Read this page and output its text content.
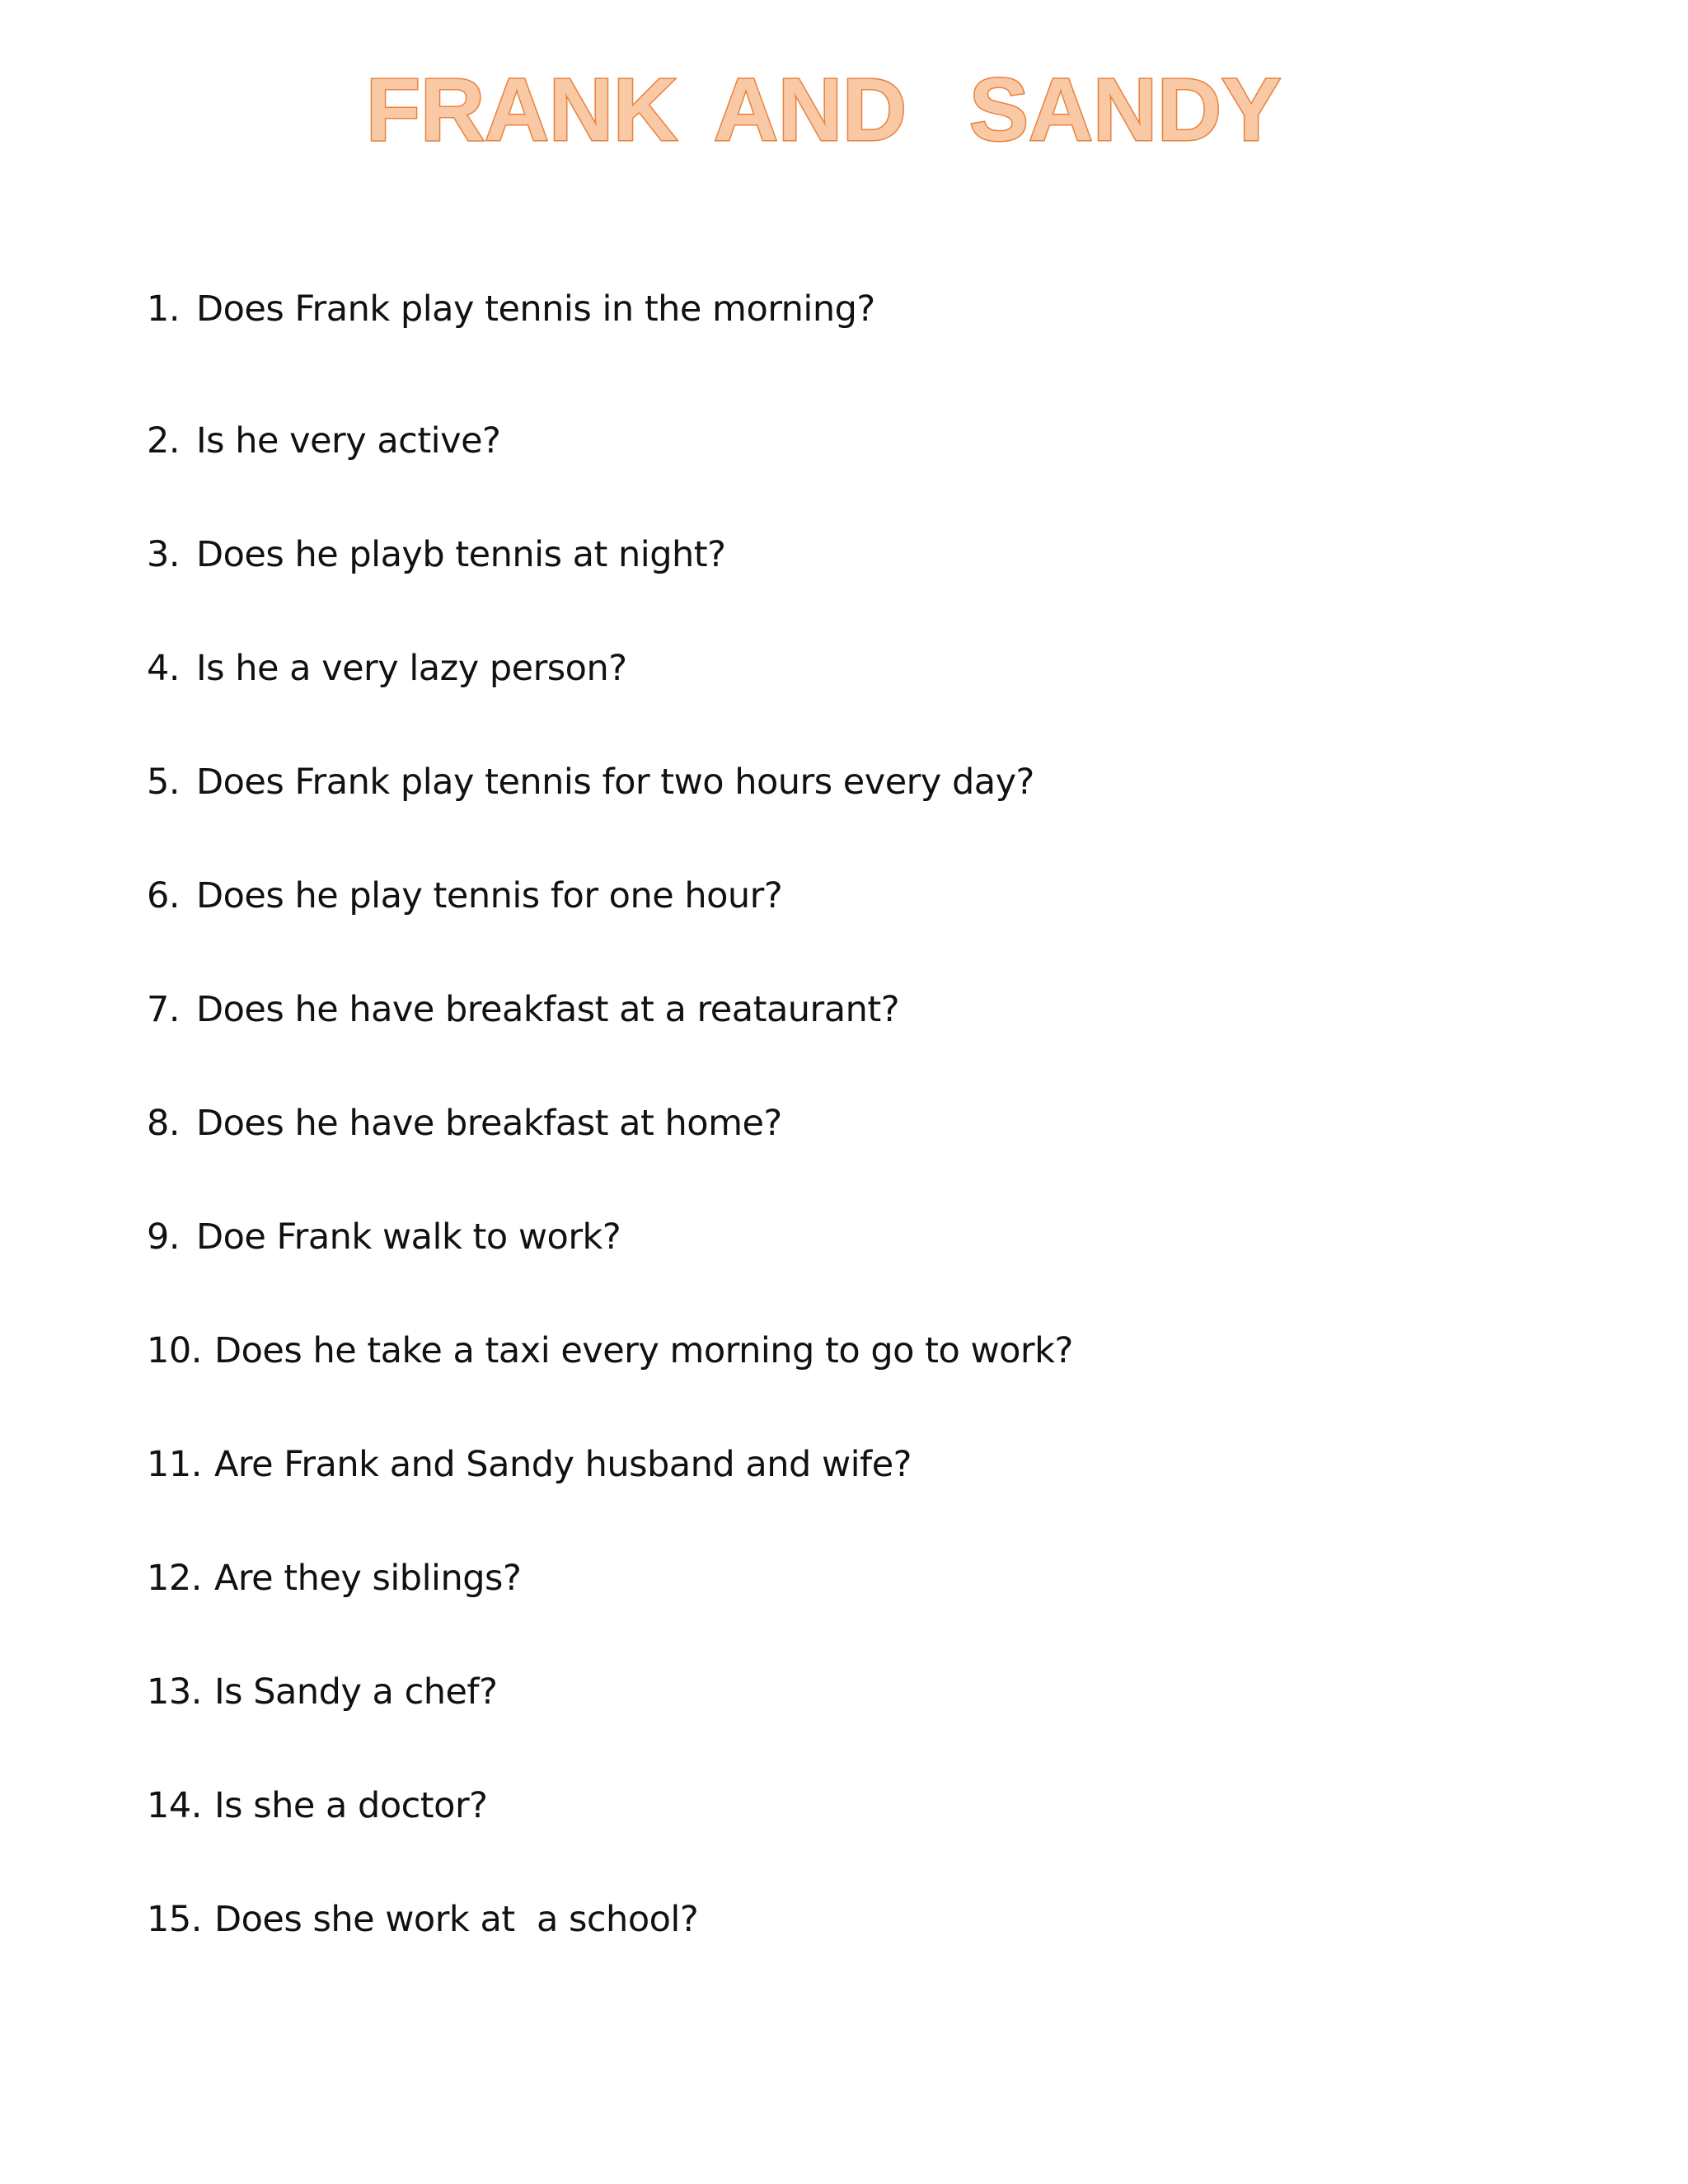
FRANK AND SANDY
1. Does Frank play tennis in the morning?
2. Is he very active?
3. Does he playb tennis at night?
4. Is he a very lazy person?
5. Does Frank play tennis for two hours every day?
6. Does he play tennis for one hour?
7. Does he have breakfast at a reataurant?
8. Does he have breakfast at home?
9. Doe Frank walk to work?
10. Does he take a taxi every morning to go to work?
11. Are Frank and Sandy husband and wife?
12. Are they siblings?
13. Is Sandy a chef?
14. Is she a doctor?
15. Does she work at  a school?
